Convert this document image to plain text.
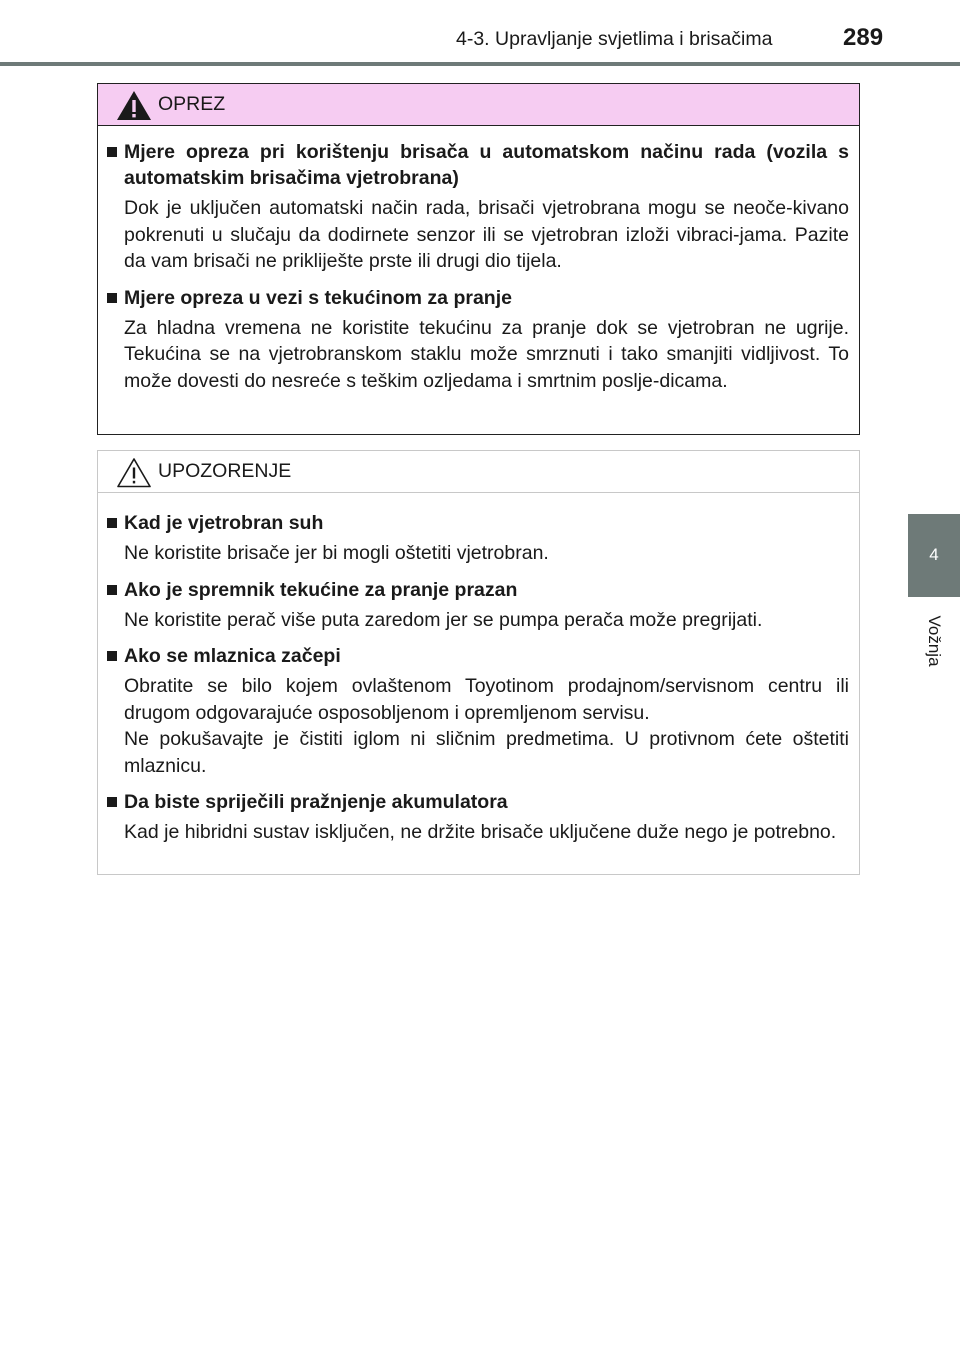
4-3. Upravljanje svjetlima i brisačima	289
4
Vožnja
OPREZ
Mjere opreza pri korištenju brisača u automatskom načinu rada (vozila s automatskim brisačima vjetrobrana)

Dok je uključen automatski način rada, brisači vjetrobrana mogu se neoče-kivano pokrenuti u slučaju da dodirnete senzor ili se vjetrobran izloži vibraci-jama. Pazite da vam brisači ne prikliješte prste ili drugi dio tijela.

Mjere opreza u vezi s tekućinom za pranje

Za hladna vremena ne koristite tekućinu za pranje dok se vjetrobran ne ugrije. Tekućina se na vjetrobranskom staklu može smrznuti i tako smanjiti vidljivost. To može dovesti do nesreće s teškim ozljedama i smrtnim poslje-dicama.

UPOZORENJE
Kad je vjetrobran suh

Ne koristite brisače jer bi mogli oštetiti vjetrobran.

Ako je spremnik tekućine za pranje prazan

Ne koristite perač više puta zaredom jer se pumpa perača može pregrijati.

Ako se mlaznica začepi

Obratite se bilo kojem ovlaštenom Toyotinom prodajnom/servisnom centru ili drugom odgovarajuće osposobljenom i opremljenom servisu.

Ne pokušavajte je čistiti iglom ni sličnim predmetima. U protivnom ćete oštetiti mlaznicu.

Da biste spriječili pražnjenje akumulatora

Kad je hibridni sustav isključen, ne držite brisače uključene duže nego je potrebno.
